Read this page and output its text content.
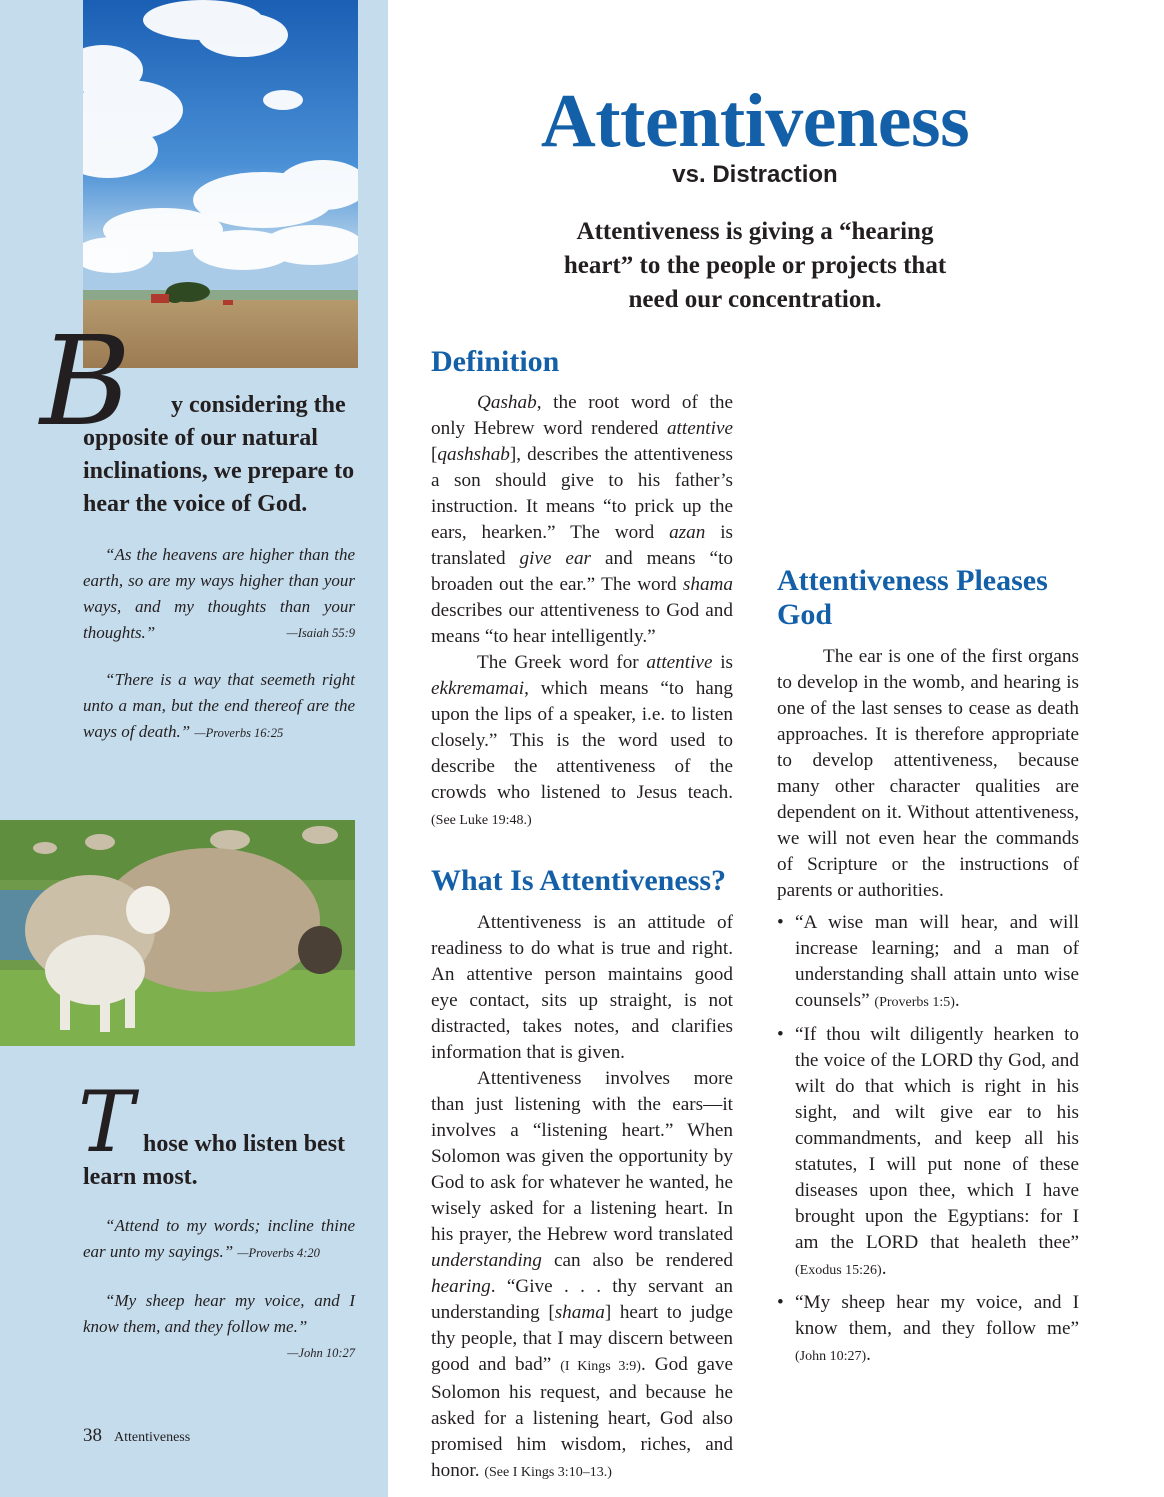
B	y considering the opposite of our natural inclinations, we prepare to hear the voice of God.
“As the heavens are higher than the earth, so are my ways higher than your ways, and my thoughts than your thoughts.”	—Isaiah 55:9
“There is a way that seemeth right unto a man, but the end thereof are the ways of death.” —Proverbs 16:25
T hose who listen best learn most.
“Attend to my words; incline thine ear unto my sayings.” —Proverbs 4:20
“My sheep hear my voice, and I know them, and they follow me.”
—John 10:27
38 Attentiveness
Attentiveness
vs. Distraction
Attentiveness is giving a “hearing heart” to the people or projects that need our concentration.
Definition

Qashab, the root word of the only Hebrew word rendered attentive [qashshab], describes the attentiveness a son should give to his father’s instruction. It means “to prick up the ears, hearken.” The word azan is translated give ear and means “to broaden out the ear.” The word shama describes our attentiveness to God and means “to hear intelligently.”

The Greek word for attentive is ekkremamai, which means “to hang upon the lips of a speaker, i.e. to listen closely.” This is the word used to describe the attentiveness of the crowds who listened to Jesus teach. (See Luke 19:48.)

What Is Attentiveness?

Attentiveness is an attitude of readiness to do what is true and right. An attentive person maintains good eye contact, sits up straight, is not distracted, takes notes, and clarifies information that is given.

Attentiveness involves more than just listening with the ears—it involves a “listening heart.” When Solomon was given the opportunity by God to ask for whatever he wanted, he wisely asked for a listening heart. In his prayer, the Hebrew word translated understanding can also be rendered hearing. “Give . . . thy servant an understanding [shama] heart to judge thy people, that I may discern between good and bad” (I Kings 3:9). God gave Solomon his request, and because he asked for a listening heart, God also promised him wisdom, riches, and honor. (See I Kings 3:10–13.)

Attentiveness Pleases God

The ear is one of the first organs to develop in the womb, and hearing is one of the last senses to cease as death approaches. It is therefore appropriate to develop attentiveness, because many other character qualities are dependent on it. Without attentiveness, we will not even hear the commands of Scripture or the instructions of parents or authorities.

• “A wise man will hear, and will increase learning; and a man of understanding shall attain unto wise counsels” (Proverbs 1:5).
• “If thou wilt diligently hearken to the voice of the LORD thy God, and wilt do that which is right in his sight, and wilt give ear to his commandments, and keep all his statutes, I will put none of these diseases upon thee, which I have brought upon the Egyptians: for I am the LORD that healeth thee” (Exodus 15:26).
• “My sheep hear my voice, and I know them, and they follow me” (John 10:27).
